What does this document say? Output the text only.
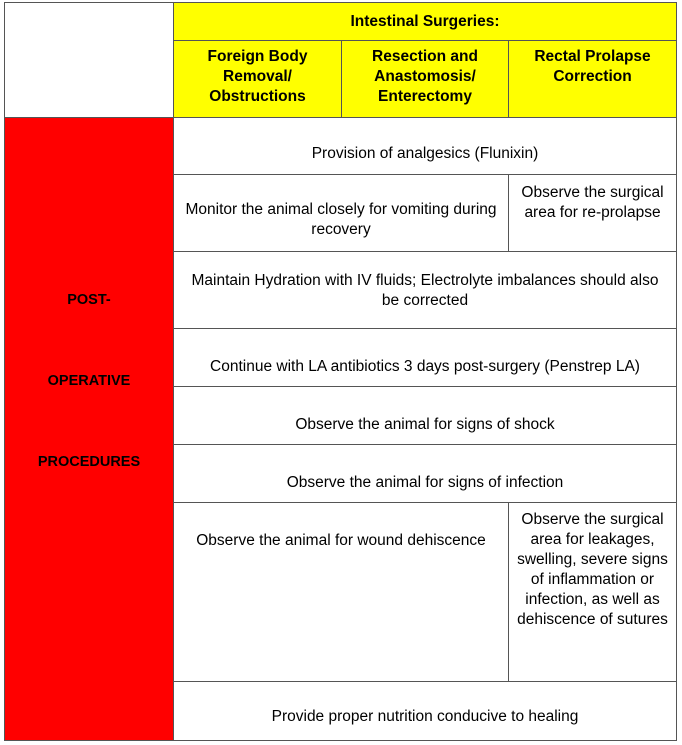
Intestinal Surgeries:
Foreign Body Removal/ Obstructions
Resection and Anastomosis/ Enterectomy
Rectal Prolapse Correction
POST-
OPERATIVE
PROCEDURES
Provision of analgesics (Flunixin)
Monitor the animal closely for vomiting during recovery
Observe the surgical area for re-prolapse
Maintain Hydration with IV fluids; Electrolyte imbalances should also be corrected
Continue with LA antibiotics 3 days post-surgery (Penstrep LA)
Observe the animal for signs of shock
Observe the animal for signs of infection
Observe the animal for wound dehiscence
Observe the surgical area for leakages, swelling, severe signs of inflammation or infection, as well as dehiscence of sutures
Provide proper nutrition conducive to healing
